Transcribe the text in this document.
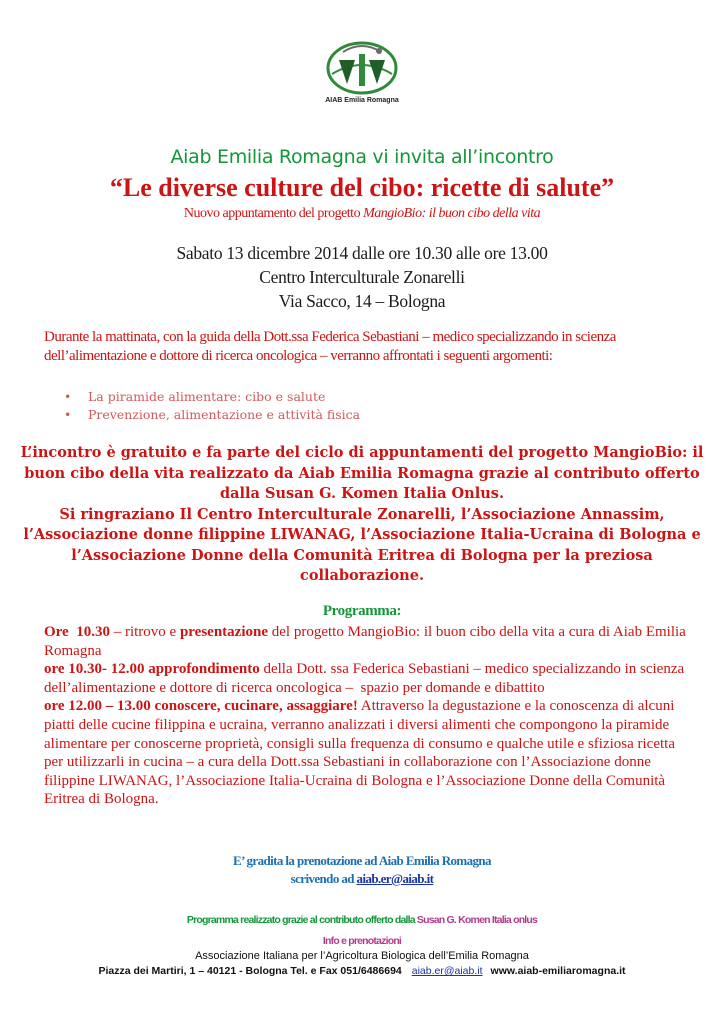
AIAB Emilia Romagna
Aiab Emilia Romagna vi invita all’incontro
“Le diverse culture del cibo: ricette di salute”
Nuovo appuntamento del progetto MangioBio: il buon cibo della vita
Sabato 13 dicembre 2014 dalle ore 10.30 alle ore 13.00
Centro Interculturale Zonarelli
Via Sacco, 14 – Bologna
Durante la mattinata, con la guida della Dott.ssa Federica Sebastiani – medico specializzando in scienza dell’alimentazione e dottore di ricerca oncologica – verranno affrontati i seguenti argomenti:
• La piramide alimentare: cibo e salute
• Prevenzione, alimentazione e attività fisica

L’incontro è gratuito e fa parte del ciclo di appuntamenti del progetto MangioBio: il buon cibo della vita realizzato da Aiab Emilia Romagna grazie al contributo offerto dalla Susan G. Komen Italia Onlus.

Si ringraziano Il Centro Interculturale Zonarelli, l’Associazione Annassim, l’Associazione donne filippine LIWANAG, l’Associazione Italia-Ucraina di Bologna e l’Associazione Donne della Comunità Eritrea di Bologna per la preziosa collaborazione.

Programma:

Ore  10.30 – ritrovo e presentazione del progetto MangioBio: il buon cibo della vita a cura di Aiab Emilia Romagna

ore 10.30- 12.00 approfondimento della Dott. ssa Federica Sebastiani – medico specializzando in scienza dell’alimentazione e dottore di ricerca oncologica –  spazio per domande e dibattito

ore 12.00 – 13.00 conoscere, cucinare, assaggiare! Attraverso la degustazione e la conoscenza di alcuni piatti delle cucine filippina e ucraina, verranno analizzati i diversi alimenti che compongono la piramide alimentare per conoscerne proprietà, consigli sulla frequenza di consumo e qualche utile e sfiziosa ricetta per utilizzarli in cucina – a cura della Dott.ssa Sebastiani in collaborazione con l’Associazione donne filippine LIWANAG, l’Associazione Italia-Ucraina di Bologna e l’Associazione Donne della Comunità Eritrea di Bologna.

E’ gradita la prenotazione ad Aiab Emilia Romagna
scrivendo ad aiab.er@aiab.it
Programma realizzato grazie al contributo offerto dalla Susan G. Komen Italia onlus
Info e prenotazioni
Associazione Italiana per l’Agricoltura Biologica dell’Emilia Romagna
Piazza dei Martiri, 1 – 40121 - Bologna Tel. e Fax 051/6486694 aiab.er@aiab.it www.aiab-emiliaromagna.it
